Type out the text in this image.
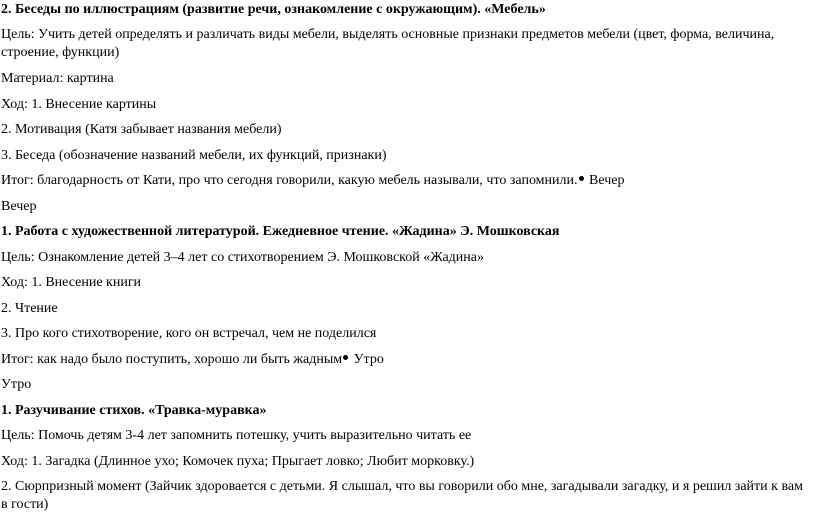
2. Беседы по иллюстрациям (развитие речи, ознакомление с окружающим). «Мебель»
Цель: Учить детей определять и различать виды мебели, выделять основные признаки предметов мебели (цвет, форма, величина, строение, функции)
Материал: картина
Ход: 1. Внесение картины
2. Мотивация (Катя забывает названия мебели)
3. Беседа (обозначение названий мебели, их функций, признаки)
Итог: благодарность от Кати, про что сегодня говорили, какую мебель называли, что запомнили. Вечер
Вечер
1. Работа с художественной литературой. Ежедневное чтение. «Жадина» Э. Мошковская
Цель: Ознакомление детей 3–4 лет со стихотворением Э. Мошковской «Жадина»
Ход: 1. Внесение книги
2. Чтение
3. Про кого стихотворение, кого он встречал, чем не поделился
Итог: как надо было поступить, хорошо ли быть жадным Утро
Утро
1. Разучивание стихов. «Травка-муравка»
Цель: Помочь детям 3-4 лет запомнить потешку, учить выразительно читать ее
Ход: 1. Загадка (Длинное ухо; Комочек пуха; Прыгает ловко; Любит морковку.)
2. Сюрпризный момент (Зайчик здоровается с детьми. Я слышал, что вы говорили обо мне, загадывали загадку, и я решил зайти к вам в гости)
